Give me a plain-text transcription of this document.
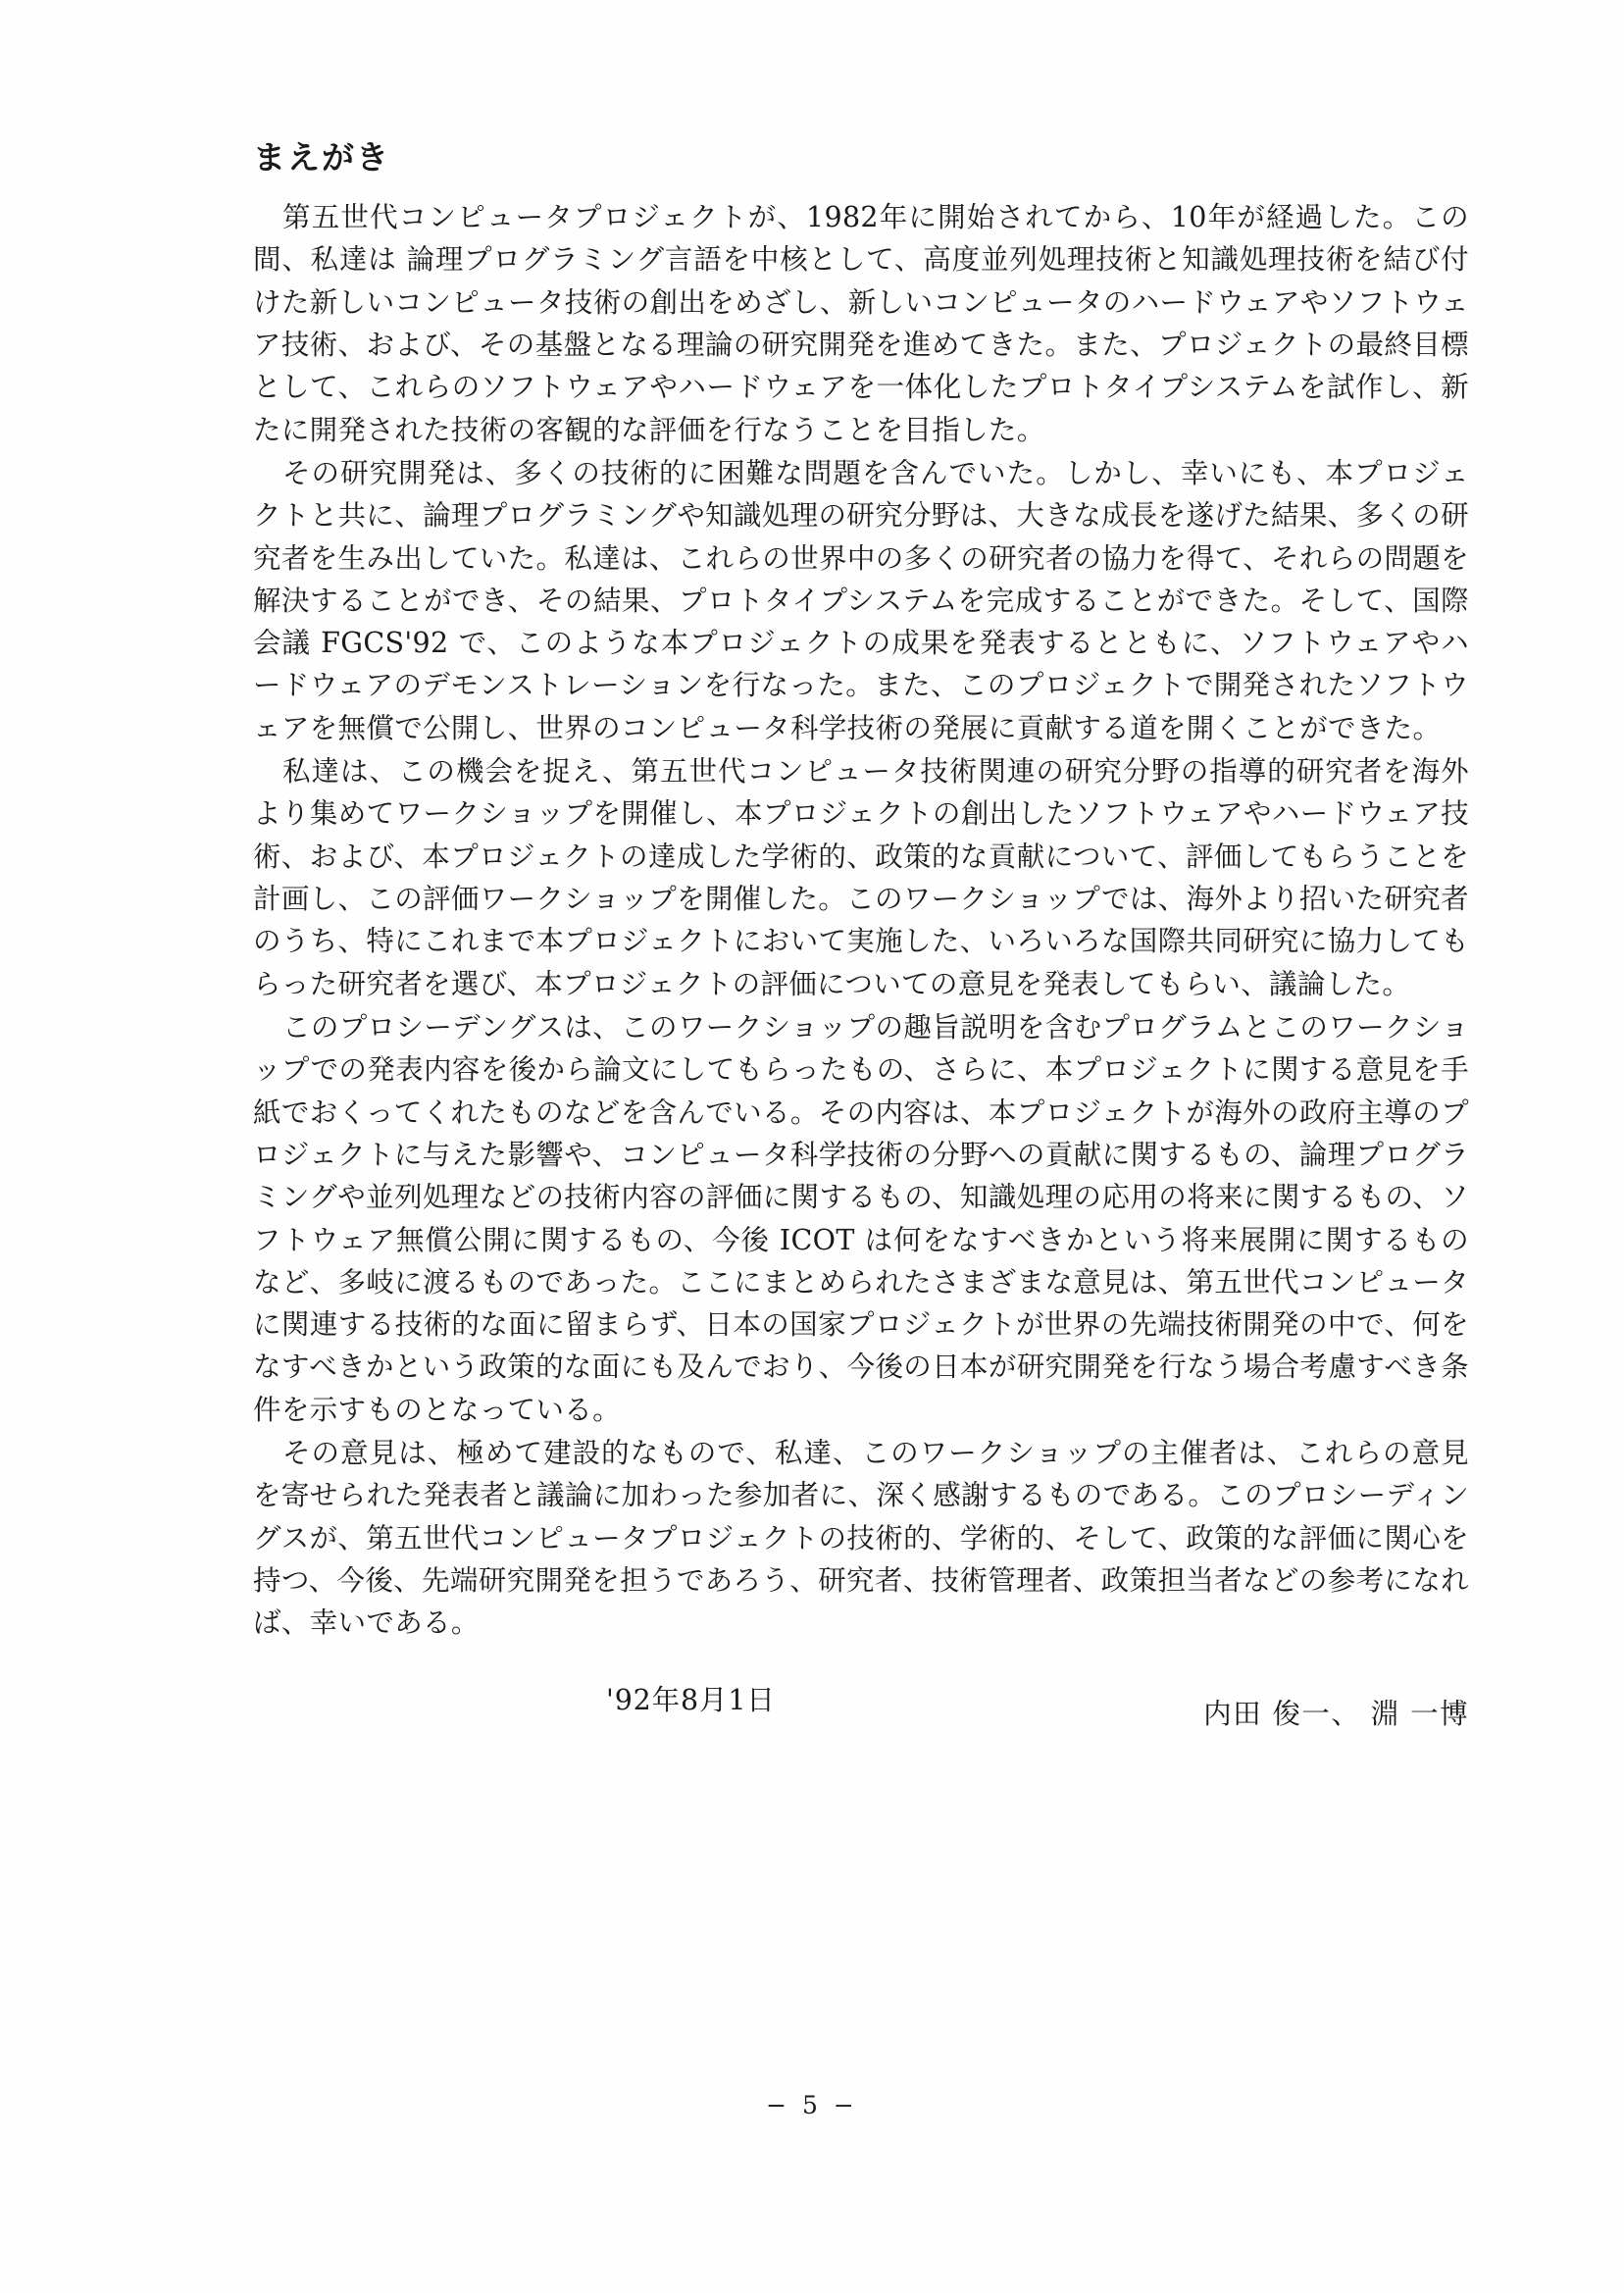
まえがき

第五世代コンピュータプロジェクトが、1982年に開始されてから、10年が経過した。この間、私達は 論理プログラミング言語を中核として、高度並列処理技術と知識処理技術を結び付けた新しいコンピュータ技術の創出をめざし、新しいコンピュータのハードウェアやソフトウェア技術、および、その基盤となる理論の研究開発を進めてきた。また、プロジェクトの最終目標として、これらのソフトウェアやハードウェアを一体化したプロトタイプシステムを試作し、新たに開発された技術の客観的な評価を行なうことを目指した。

その研究開発は、多くの技術的に困難な問題を含んでいた。しかし、幸いにも、本プロジェクトと共に、論理プログラミングや知識処理の研究分野は、大きな成長を遂げた結果、多くの研究者を生み出していた。私達は、これらの世界中の多くの研究者の協力を得て、それらの問題を解決することができ、その結果、プロトタイプシステムを完成することができた。そして、国際会議 FGCS'92 で、このような本プロジェクトの成果を発表するとともに、ソフトウェアやハードウェアのデモンストレーションを行なった。また、このプロジェクトで開発されたソフトウェアを無償で公開し、世界のコンピュータ科学技術の発展に貢献する道を開くことができた。

私達は、この機会を捉え、第五世代コンピュータ技術関連の研究分野の指導的研究者を海外より集めてワークショップを開催し、本プロジェクトの創出したソフトウェアやハードウェア技術、および、本プロジェクトの達成した学術的、政策的な貢献について、評価してもらうことを計画し、この評価ワークショップを開催した。このワークショップでは、海外より招いた研究者のうち、特にこれまで本プロジェクトにおいて実施した、いろいろな国際共同研究に協力してもらった研究者を選び、本プロジェクトの評価についての意見を発表してもらい、議論した。

このプロシーデングスは、このワークショップの趣旨説明を含むプログラムとこのワークショップでの発表内容を後から論文にしてもらったもの、さらに、本プロジェクトに関する意見を手紙でおくってくれたものなどを含んでいる。その内容は、本プロジェクトが海外の政府主導のプロジェクトに与えた影響や、コンピュータ科学技術の分野への貢献に関するもの、論理プログラミングや並列処理などの技術内容の評価に関するもの、知識処理の応用の将来に関するもの、ソフトウェア無償公開に関するもの、今後 ICOT は何をなすべきかという将来展開に関するものなど、多岐に渡るものであった。ここにまとめられたさまざまな意見は、第五世代コンピュータに関連する技術的な面に留まらず、日本の国家プロジェクトが世界の先端技術開発の中で、何をなすべきかという政策的な面にも及んでおり、今後の日本が研究開発を行なう場合考慮すべき条件を示すものとなっている。

その意見は、極めて建設的なもので、私達、このワークショップの主催者は、これらの意見を寄せられた発表者と議論に加わった参加者に、深く感謝するものである。このプロシーディングスが、第五世代コンピュータプロジェクトの技術的、学術的、そして、政策的な評価に関心を持つ、今後、先端研究開発を担うであろう、研究者、技術管理者、政策担当者などの参考になれば、幸いである。

'92年8月1日	内田 俊一、 淵 一博
− 5 −
